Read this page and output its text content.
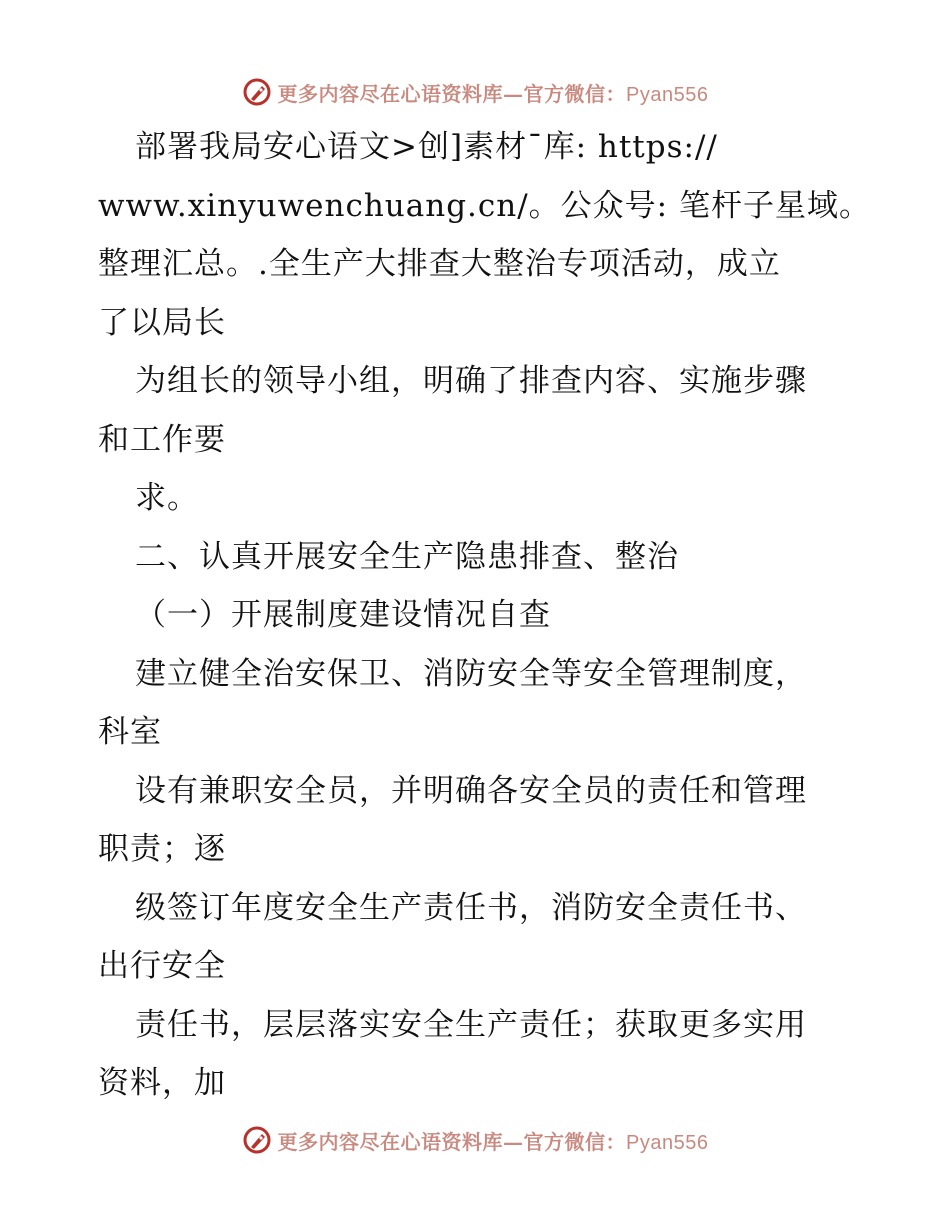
更多内容尽在心语资料库—官方微信：Pyan556
部署我局安心语文>创]素材¯库: https://
www.xinyuwenchuang.cn/。公众号: 笔杆子星域。
整理汇总。.全生产大排查大整治专项活动，成立
了以局长
为组长的领导小组，明确了排查内容、实施步骤
和工作要
求。
二、认真开展安全生产隐患排查、整治
（一）开展制度建设情况自查
建立健全治安保卫、消防安全等安全管理制度，
科室
设有兼职安全员，并明确各安全员的责任和管理
职责；逐
级签订年度安全生产责任书，消防安全责任书、
出行安全
责任书，层层落实安全生产责任；获取更多实用
资料，加
更多内容尽在心语资料库—官方微信：Pyan556
